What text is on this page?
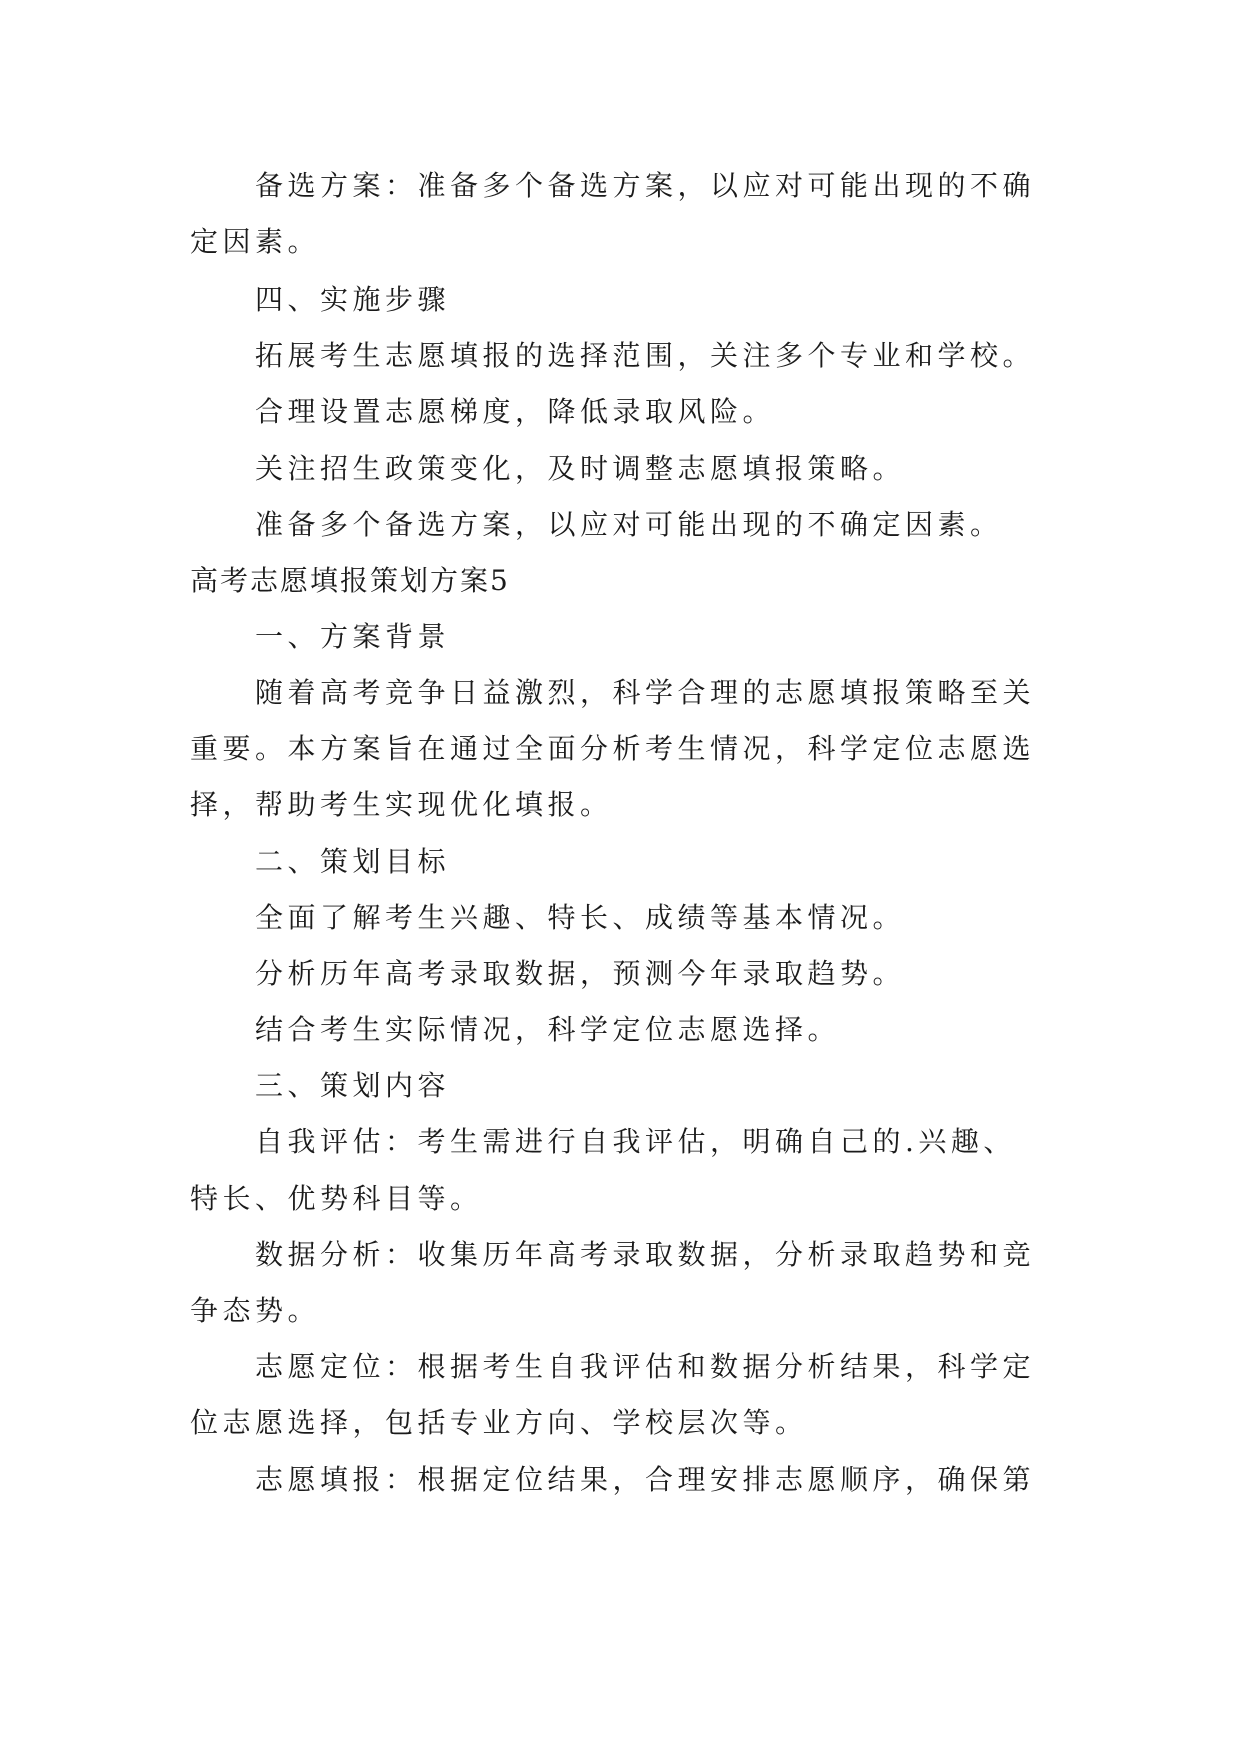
备选方案：准备多个备选方案，以应对可能出现的不确
定因素。
四、实施步骤
拓展考生志愿填报的选择范围，关注多个专业和学校。
合理设置志愿梯度，降低录取风险。
关注招生政策变化，及时调整志愿填报策略。
准备多个备选方案，以应对可能出现的不确定因素。
高考志愿填报策划方案5
一、方案背景
随着高考竞争日益激烈，科学合理的志愿填报策略至关
重要。本方案旨在通过全面分析考生情况，科学定位志愿选
择，帮助考生实现优化填报。
二、策划目标
全面了解考生兴趣、特长、成绩等基本情况。
分析历年高考录取数据，预测今年录取趋势。
结合考生实际情况，科学定位志愿选择。
三、策划内容
自我评估：考生需进行自我评估，明确自己的.兴趣、
特长、优势科目等。
数据分析：收集历年高考录取数据，分析录取趋势和竞
争态势。
志愿定位：根据考生自我评估和数据分析结果，科学定
位志愿选择，包括专业方向、学校层次等。
志愿填报：根据定位结果，合理安排志愿顺序，确保第
